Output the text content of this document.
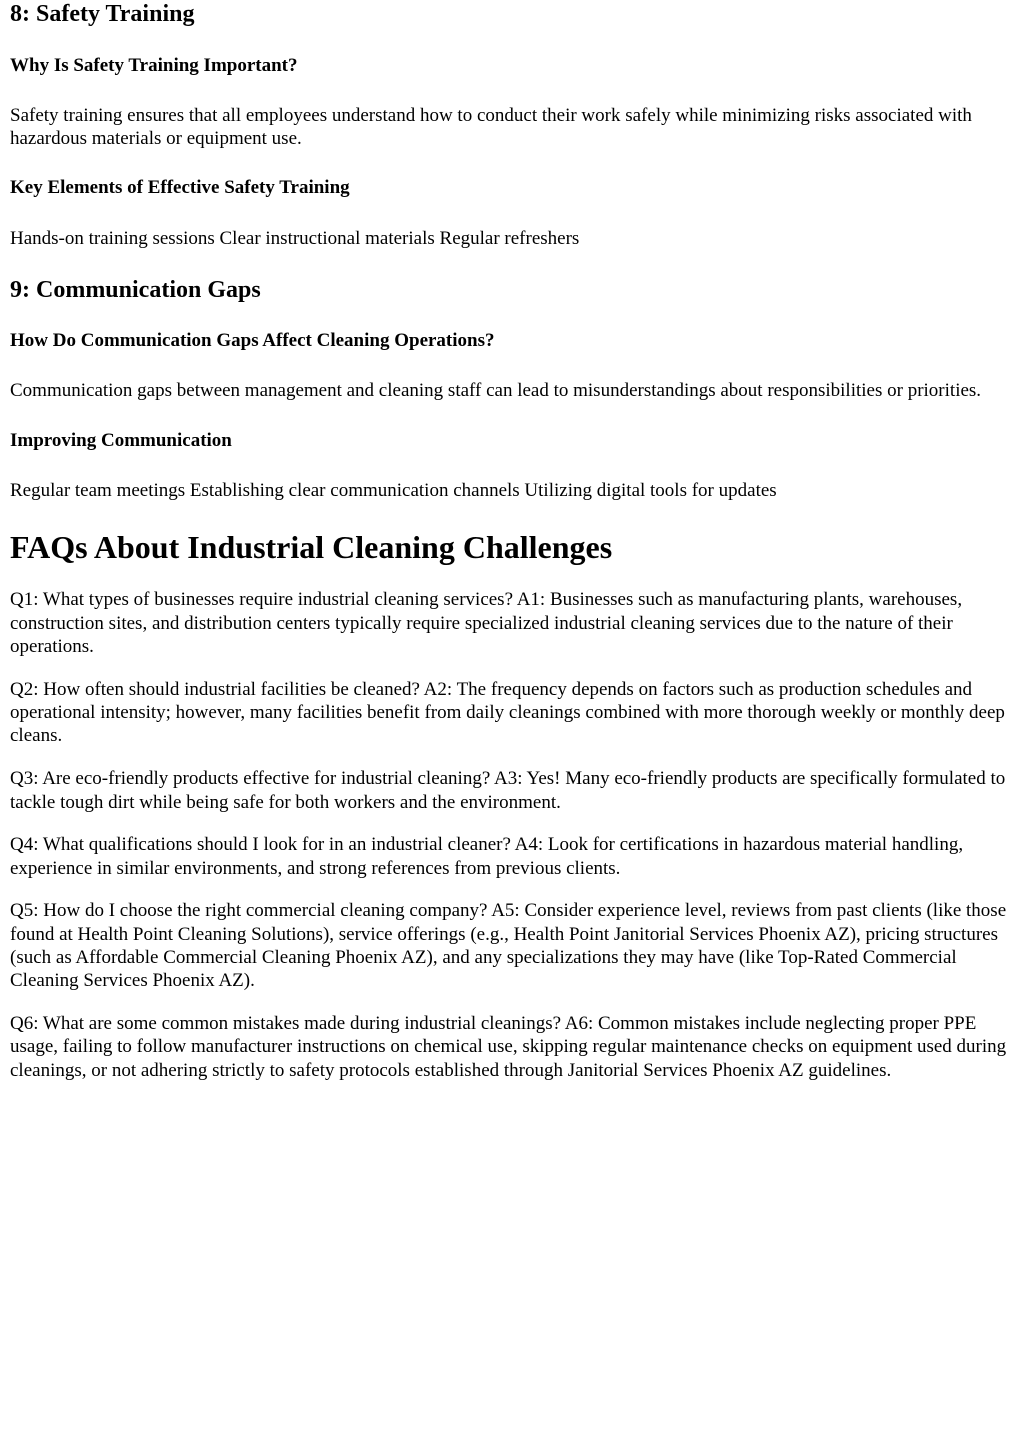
8: Safety Training
Why Is Safety Training Important?

Safety training ensures that all employees understand how to conduct their work safely while minimizing risks associated with hazardous materials or equipment use.

Key Elements of Effective Safety Training

Hands-on training sessions Clear instructional materials Regular refreshers

9: Communication Gaps
How Do Communication Gaps Affect Cleaning Operations?

Communication gaps between management and cleaning staff can lead to misunderstandings about responsibilities or priorities.

Improving Communication

Regular team meetings Establishing clear communication channels Utilizing digital tools for updates

FAQs About Industrial Cleaning Challenges

Q1: What types of businesses require industrial cleaning services? A1: Businesses such as manufacturing plants, warehouses, construction sites, and distribution centers typically require specialized industrial cleaning services due to the nature of their operations.

Q2: How often should industrial facilities be cleaned? A2: The frequency depends on factors such as production schedules and operational intensity; however, many facilities benefit from daily cleanings combined with more thorough weekly or monthly deep cleans.

Q3: Are eco-friendly products effective for industrial cleaning? A3: Yes! Many eco-friendly products are specifically formulated to tackle tough dirt while being safe for both workers and the environment.

Q4: What qualifications should I look for in an industrial cleaner? A4: Look for certifications in hazardous material handling, experience in similar environments, and strong references from previous clients.

Q5: How do I choose the right commercial cleaning company? A5: Consider experience level, reviews from past clients (like those found at Health Point Cleaning Solutions), service offerings (e.g., Health Point Janitorial Services Phoenix AZ), pricing structures (such as Affordable Commercial Cleaning Phoenix AZ), and any specializations they may have (like Top-Rated Commercial Cleaning Services Phoenix AZ).

Q6: What are some common mistakes made during industrial cleanings? A6: Common mistakes include neglecting proper PPE usage, failing to follow manufacturer instructions on chemical use, skipping regular maintenance checks on equipment used during cleanings, or not adhering strictly to safety protocols established through Janitorial Services Phoenix AZ guidelines.
